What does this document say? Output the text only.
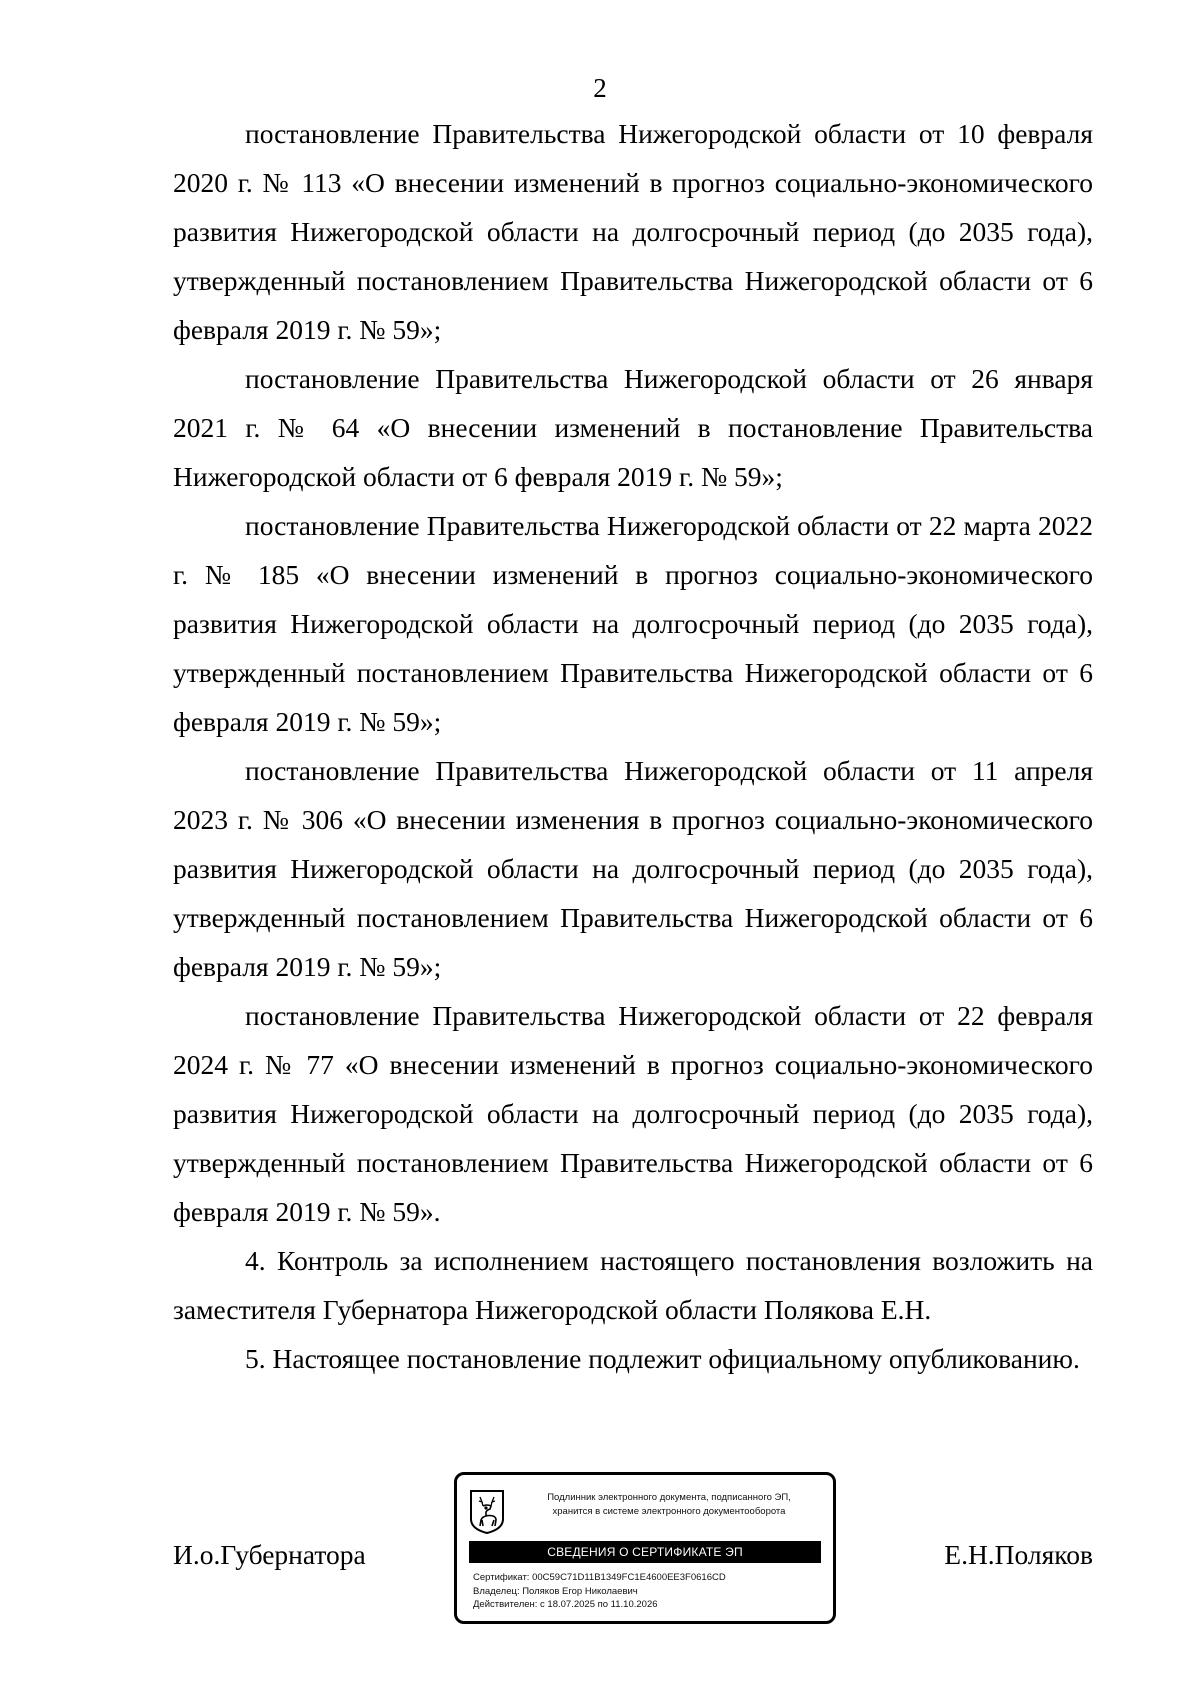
2

постановление Правительства Нижегородской области от 10 февраля 2020 г. № 113 «О внесении изменений в прогноз социально-экономического развития Нижегородской области на долгосрочный период (до 2035 года), утвержденный постановлением Правительства Нижегородской области от 6 февраля 2019 г. № 59»;

постановление Правительства Нижегородской области от 26 января 2021 г. № 64 «О внесении изменений в постановление Правительства Нижегородской области от 6 февраля 2019 г. № 59»;

постановление Правительства Нижегородской области от 22 марта 2022 г. № 185 «О внесении изменений в прогноз социально-экономического развития Нижегородской области на долгосрочный период (до 2035 года), утвержденный постановлением Правительства Нижегородской области от 6 февраля 2019 г. № 59»;

постановление Правительства Нижегородской области от 11 апреля 2023 г. № 306 «О внесении изменения в прогноз социально-экономического развития Нижегородской области на долгосрочный период (до 2035 года), утвержденный постановлением Правительства Нижегородской области от 6 февраля 2019 г. № 59»;

постановление Правительства Нижегородской области от 22 февраля 2024 г. № 77 «О внесении изменений в прогноз социально-экономического развития Нижегородской области на долгосрочный период (до 2035 года), утвержденный постановлением Правительства Нижегородской области от 6 февраля 2019 г. № 59».

4. Контроль за исполнением настоящего постановления возложить на заместителя Губернатора Нижегородской области Полякова Е.Н.

5. Настоящее постановление подлежит официальному опубликованию.

И.о.Губернатора
Подлинник электронного документа, подписанного ЭП,
хранится в системе электронного документооборота
СВЕДЕНИЯ О СЕРТИФИКАТЕ ЭП
Сертификат: 00C59C71D11B1349FC1E4600EE3F0616CD
Владелец: Поляков Егор Николаевич
Действителен: с 18.07.2025 по 11.10.2026
Е.Н.Поляков
